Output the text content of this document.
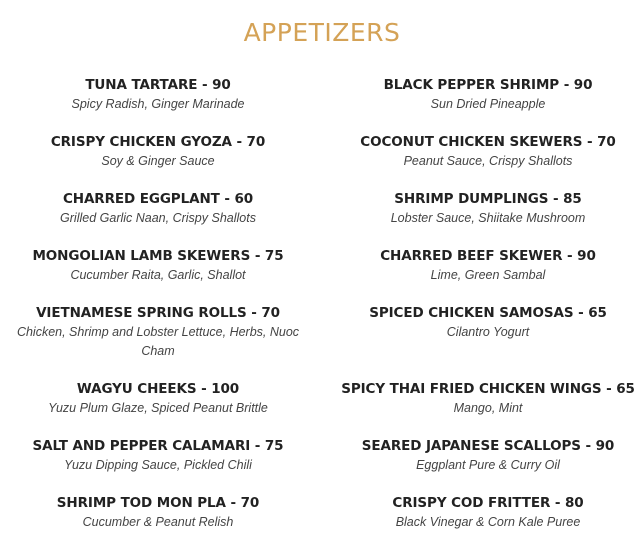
APPETIZERS
TUNA TARTARE - 90
Spicy Radish, Ginger Marinade
CRISPY CHICKEN GYOZA - 70
Soy & Ginger Sauce
CHARRED EGGPLANT - 60
Grilled Garlic Naan, Crispy Shallots
MONGOLIAN LAMB SKEWERS - 75
Cucumber Raita, Garlic, Shallot
VIETNAMESE SPRING ROLLS - 70
Chicken, Shrimp and Lobster Lettuce, Herbs, Nuoc Cham
WAGYU CHEEKS - 100
Yuzu Plum Glaze, Spiced Peanut Brittle
SALT AND PEPPER CALAMARI - 75
Yuzu Dipping Sauce, Pickled Chili
SHRIMP TOD MON PLA - 70
Cucumber & Peanut Relish
BLACK PEPPER SHRIMP - 90
Sun Dried Pineapple
COCONUT CHICKEN SKEWERS - 70
Peanut Sauce, Crispy Shallots
SHRIMP DUMPLINGS - 85
Lobster Sauce, Shiitake Mushroom
CHARRED BEEF SKEWER - 90
Lime, Green Sambal
SPICED CHICKEN SAMOSAS - 65
Cilantro Yogurt
SPICY THAI FRIED CHICKEN WINGS - 65
Mango, Mint
SEARED JAPANESE SCALLOPS - 90
Eggplant Pure & Curry Oil
CRISPY COD FRITTER - 80
Black Vinegar & Corn Kale Puree
